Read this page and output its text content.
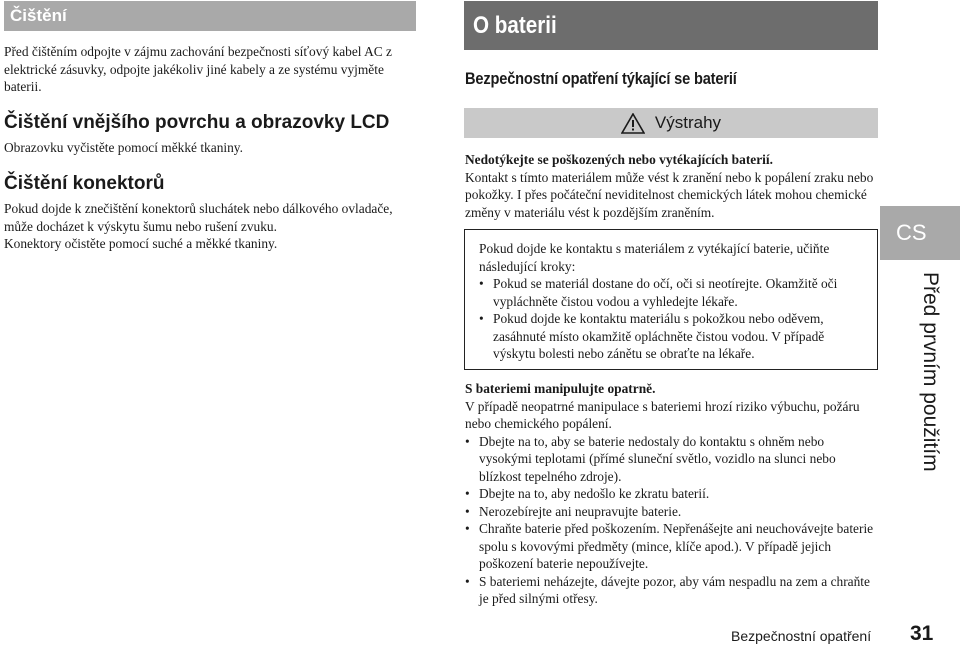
Čištění

Před čištěním odpojte v zájmu zachování bezpečnosti síťový kabel AC z elektrické zásuvky, odpojte jakékoliv jiné kabely a ze systému vyjměte baterii.

Čištění vnějšího povrchu a obrazovky LCD

Obrazovku vyčistěte pomocí měkké tkaniny.

Čištění konektorů

Pokud dojde k znečištění konektorů sluchátek nebo dálkového ovladače, může docházet k výskytu šumu nebo rušení zvuku.
Konektory očistěte pomocí suché a měkké tkaniny.

O baterii
Bezpečnostní opatření týkající se baterií
Výstrahy

Nedotýkejte se poškozených nebo vytékajících baterií.
Kontakt s tímto materiálem může vést k zranění nebo k popálení zraku nebo pokožky. I přes počáteční neviditelnost chemických látek mohou chemické změny v materiálu vést k pozdějším zraněním.

Pokud dojde ke kontaktu s materiálem z vytékající baterie, učiňte následující kroky:

• Pokud se materiál dostane do očí, oči si neotírejte. Okamžitě oči vypláchněte čistou vodou a vyhledejte lékaře.
• Pokud dojde ke kontaktu materiálu s pokožkou nebo oděvem, zasáhnuté místo okamžitě opláchněte čistou vodou. V případě výskytu bolesti nebo zánětu se obraťte na lékaře.

S bateriemi manipulujte opatrně.

V případě neopatrné manipulace s bateriemi hrozí riziko výbuchu, požáru nebo chemického popálení.

• Dbejte na to, aby se baterie nedostaly do kontaktu s ohněm nebo vysokými teplotami (přímé sluneční světlo, vozidlo na slunci nebo blízkost tepelného zdroje).
• Dbejte na to, aby nedošlo ke zkratu baterií.
• Nerozebírejte ani neupravujte baterie.
• Chraňte baterie před poškozením. Nepřenášejte ani neuchovávejte baterie spolu s kovovými předměty (mince, klíče apod.). V případě jejich poškození baterie nepoužívejte.
• S bateriemi neházejte, dávejte pozor, aby vám nespadlu na zem a chraňte je před silnými otřesy.
CS
Před prvním použitím
Bezpečnostní opatření 31
